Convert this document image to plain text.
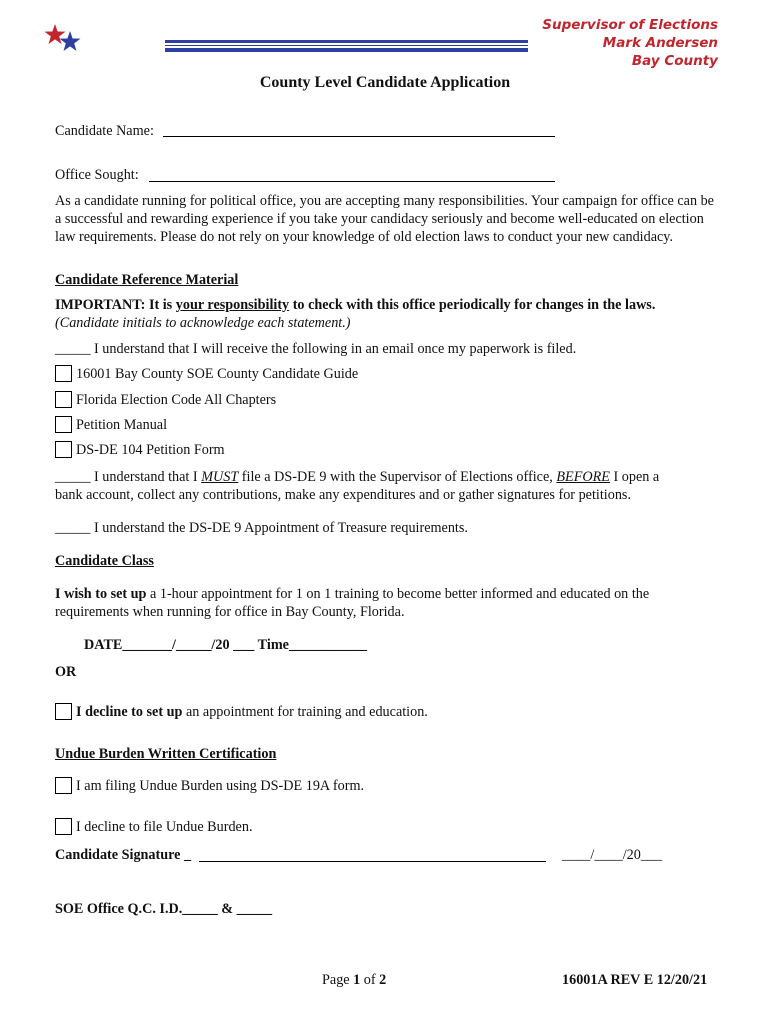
Supervisor of Elections
Mark Andersen
Bay County
County Level Candidate Application
Candidate Name:
Office Sought:
As a candidate running for political office, you are accepting many responsibilities. Your campaign for office can be a successful and rewarding experience if you take your candidacy seriously and become well-educated on election law requirements. Please do not rely on your knowledge of old election laws to conduct your new candidacy.
Candidate Reference Material
IMPORTANT: It is your responsibility to check with this office periodically for changes in the laws.
(Candidate initials to acknowledge each statement.)
_____ I understand that I will receive the following in an email once my paperwork is filed.
16001 Bay County SOE County Candidate Guide
Florida Election Code All Chapters
Petition Manual
DS-DE 104 Petition Form
_____ I understand that I MUST file a DS-DE 9 with the Supervisor of Elections office, BEFORE I open a
bank account, collect any contributions, make any expenditures and or gather signatures for petitions.
_____ I understand the DS-DE 9 Appointment of Treasure requirements.
Candidate Class
I wish to set up a 1-hour appointment for 1 on 1 training to become better informed and educated on the
requirements when running for office in Bay County, Florida.
DATE_______/_____/20 ___ Time___________
OR
I decline to set up an appointment for training and education.
Undue Burden Written Certification
I am filing Undue Burden using DS-DE 19A form.
I decline to file Undue Burden.
Candidate Signature _	____/____/20___
SOE Office Q.C. I.D._____ & _____
Page 1 of 2	16001A REV E 12/20/21
